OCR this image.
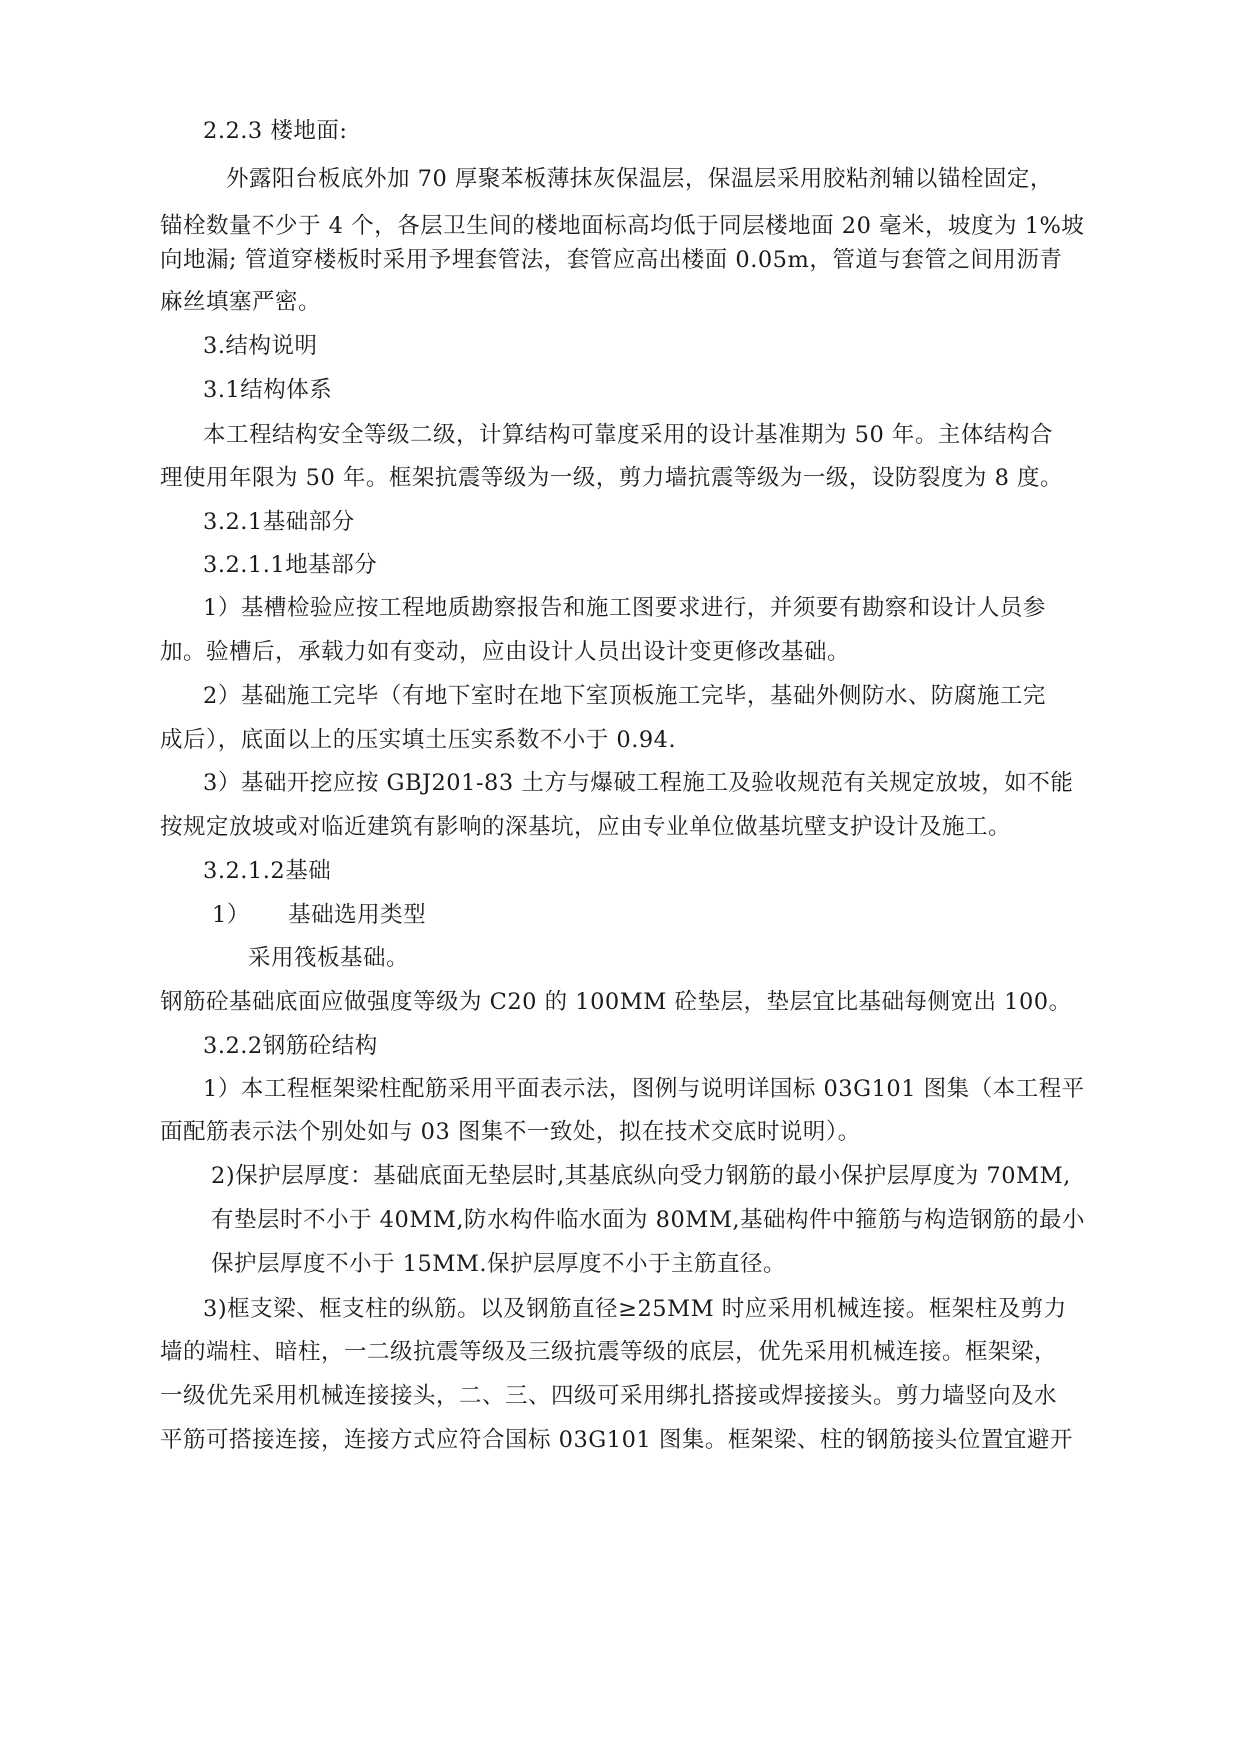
2.2.3 楼地面:

外露阳台板底外加 70 厚聚苯板薄抹灰保温层，保温层采用胶粘剂辅以锚栓固定，

锚栓数量不少于 4 个，各层卫生间的楼地面标高均低于同层楼地面 20 毫米，坡度为 1%坡

向地漏; 管道穿楼板时采用予埋套管法，套管应高出楼面 0.05m，管道与套管之间用沥青

麻丝填塞严密。

3.结构说明

3.1结构体系

本工程结构安全等级二级，计算结构可靠度采用的设计基准期为 50 年。主体结构合

理使用年限为 50 年。框架抗震等级为一级，剪力墙抗震等级为一级，设防裂度为 8 度。

3.2.1基础部分

3.2.1.1地基部分

1）基槽检验应按工程地质勘察报告和施工图要求进行，并须要有勘察和设计人员参

加。验槽后，承载力如有变动，应由设计人员出设计变更修改基础。

2）基础施工完毕（有地下室时在地下室顶板施工完毕，基础外侧防水、防腐施工完

成后），底面以上的压实填土压实系数不小于 0.94.

3）基础开挖应按 GBJ201-83 土方与爆破工程施工及验收规范有关规定放坡，如不能

按规定放坡或对临近建筑有影响的深基坑，应由专业单位做基坑壁支护设计及施工。

3.2.1.2基础

1）     基础选用类型

采用筏板基础。

钢筋砼基础底面应做强度等级为 C20 的 100MM 砼垫层，垫层宜比基础每侧宽出 100。

3.2.2钢筋砼结构

1）本工程框架梁柱配筋采用平面表示法，图例与说明详国标 03G101 图集（本工程平

面配筋表示法个别处如与 03 图集不一致处，拟在技术交底时说明）。

2)保护层厚度：基础底面无垫层时,其基底纵向受力钢筋的最小保护层厚度为 70MM,

有垫层时不小于 40MM,防水构件临水面为 80MM,基础构件中箍筋与构造钢筋的最小

保护层厚度不小于 15MM.保护层厚度不小于主筋直径。

3)框支梁、框支柱的纵筋。以及钢筋直径≥25MM 时应采用机械连接。框架柱及剪力

墙的端柱、暗柱，一二级抗震等级及三级抗震等级的底层，优先采用机械连接。框架梁，

一级优先采用机械连接接头，二、三、四级可采用绑扎搭接或焊接接头。剪力墙竖向及水

平筋可搭接连接，连接方式应符合国标 03G101 图集。框架梁、柱的钢筋接头位置宜避开
